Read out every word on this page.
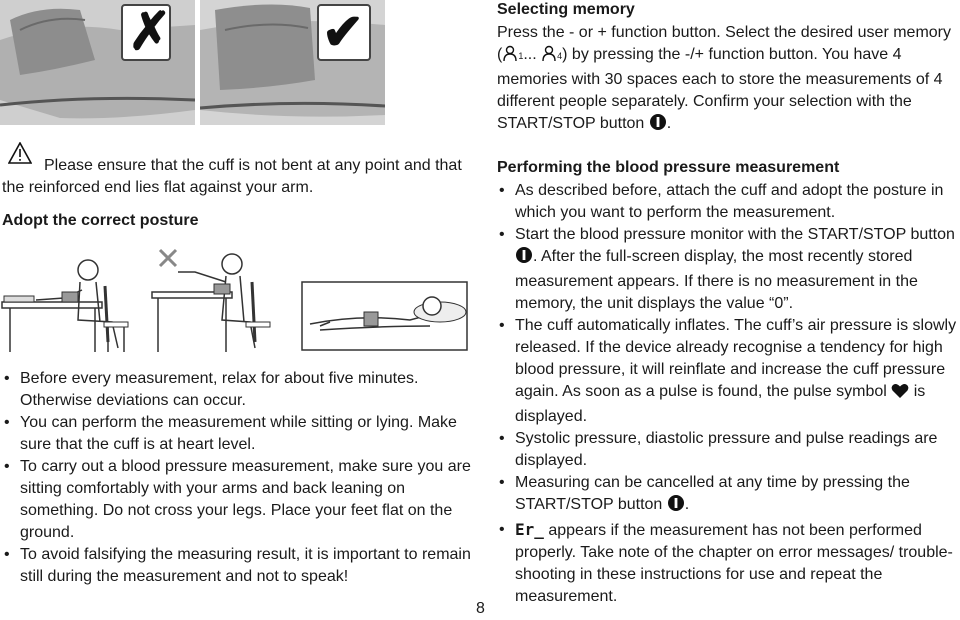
✗	✔
Please ensure that the cuff is not bent at any point and that the reinforced end lies flat against your arm.
Adopt the correct posture
• Before every measurement, relax for about five minutes. Otherwise deviations can occur.
• You can perform the measurement while sitting or lying. Make sure that the cuff is at heart level.
• To carry out a blood pressure measurement, make sure you are sitting comfortably with your arms and back leaning on something. Do not cross your legs. Place your feet flat on the ground.
• To avoid falsifying the measuring result, it is important to remain still during the measurement and not to speak!
8
Selecting memory
Press the - or + function button. Select the desired user memory ( 1... 4) by pressing the -/+ function button. You have 4 memories with 30 spaces each to store the measurements of 4 different people separately. Confirm your selection with the START/STOP button .
Performing the blood pressure measurement
• As described before, attach the cuff and adopt the posture in which you want to perform the measurement.
• Start the blood pressure monitor with the START/STOP button . After the full-screen display, the most recently stored measurement appears. If there is no measurement in the memory, the unit displays the value “0”.
• The cuff automatically inflates. The cuff’s air pressure is slowly released. If the device already recognise a tendency for high blood pressure, it will reinflate and increase the cuff pressure again. As soon as a pulse is found, the pulse symbol is displayed.
• Systolic pressure, diastolic pressure and pulse readings are displayed.
• Measuring can be cancelled at any time by pressing the START/STOP button .
• Er_ appears if the measurement has not been performed properly. Take note of the chapter on error messages/ trouble-shooting in these instructions for use and repeat the measurement.
